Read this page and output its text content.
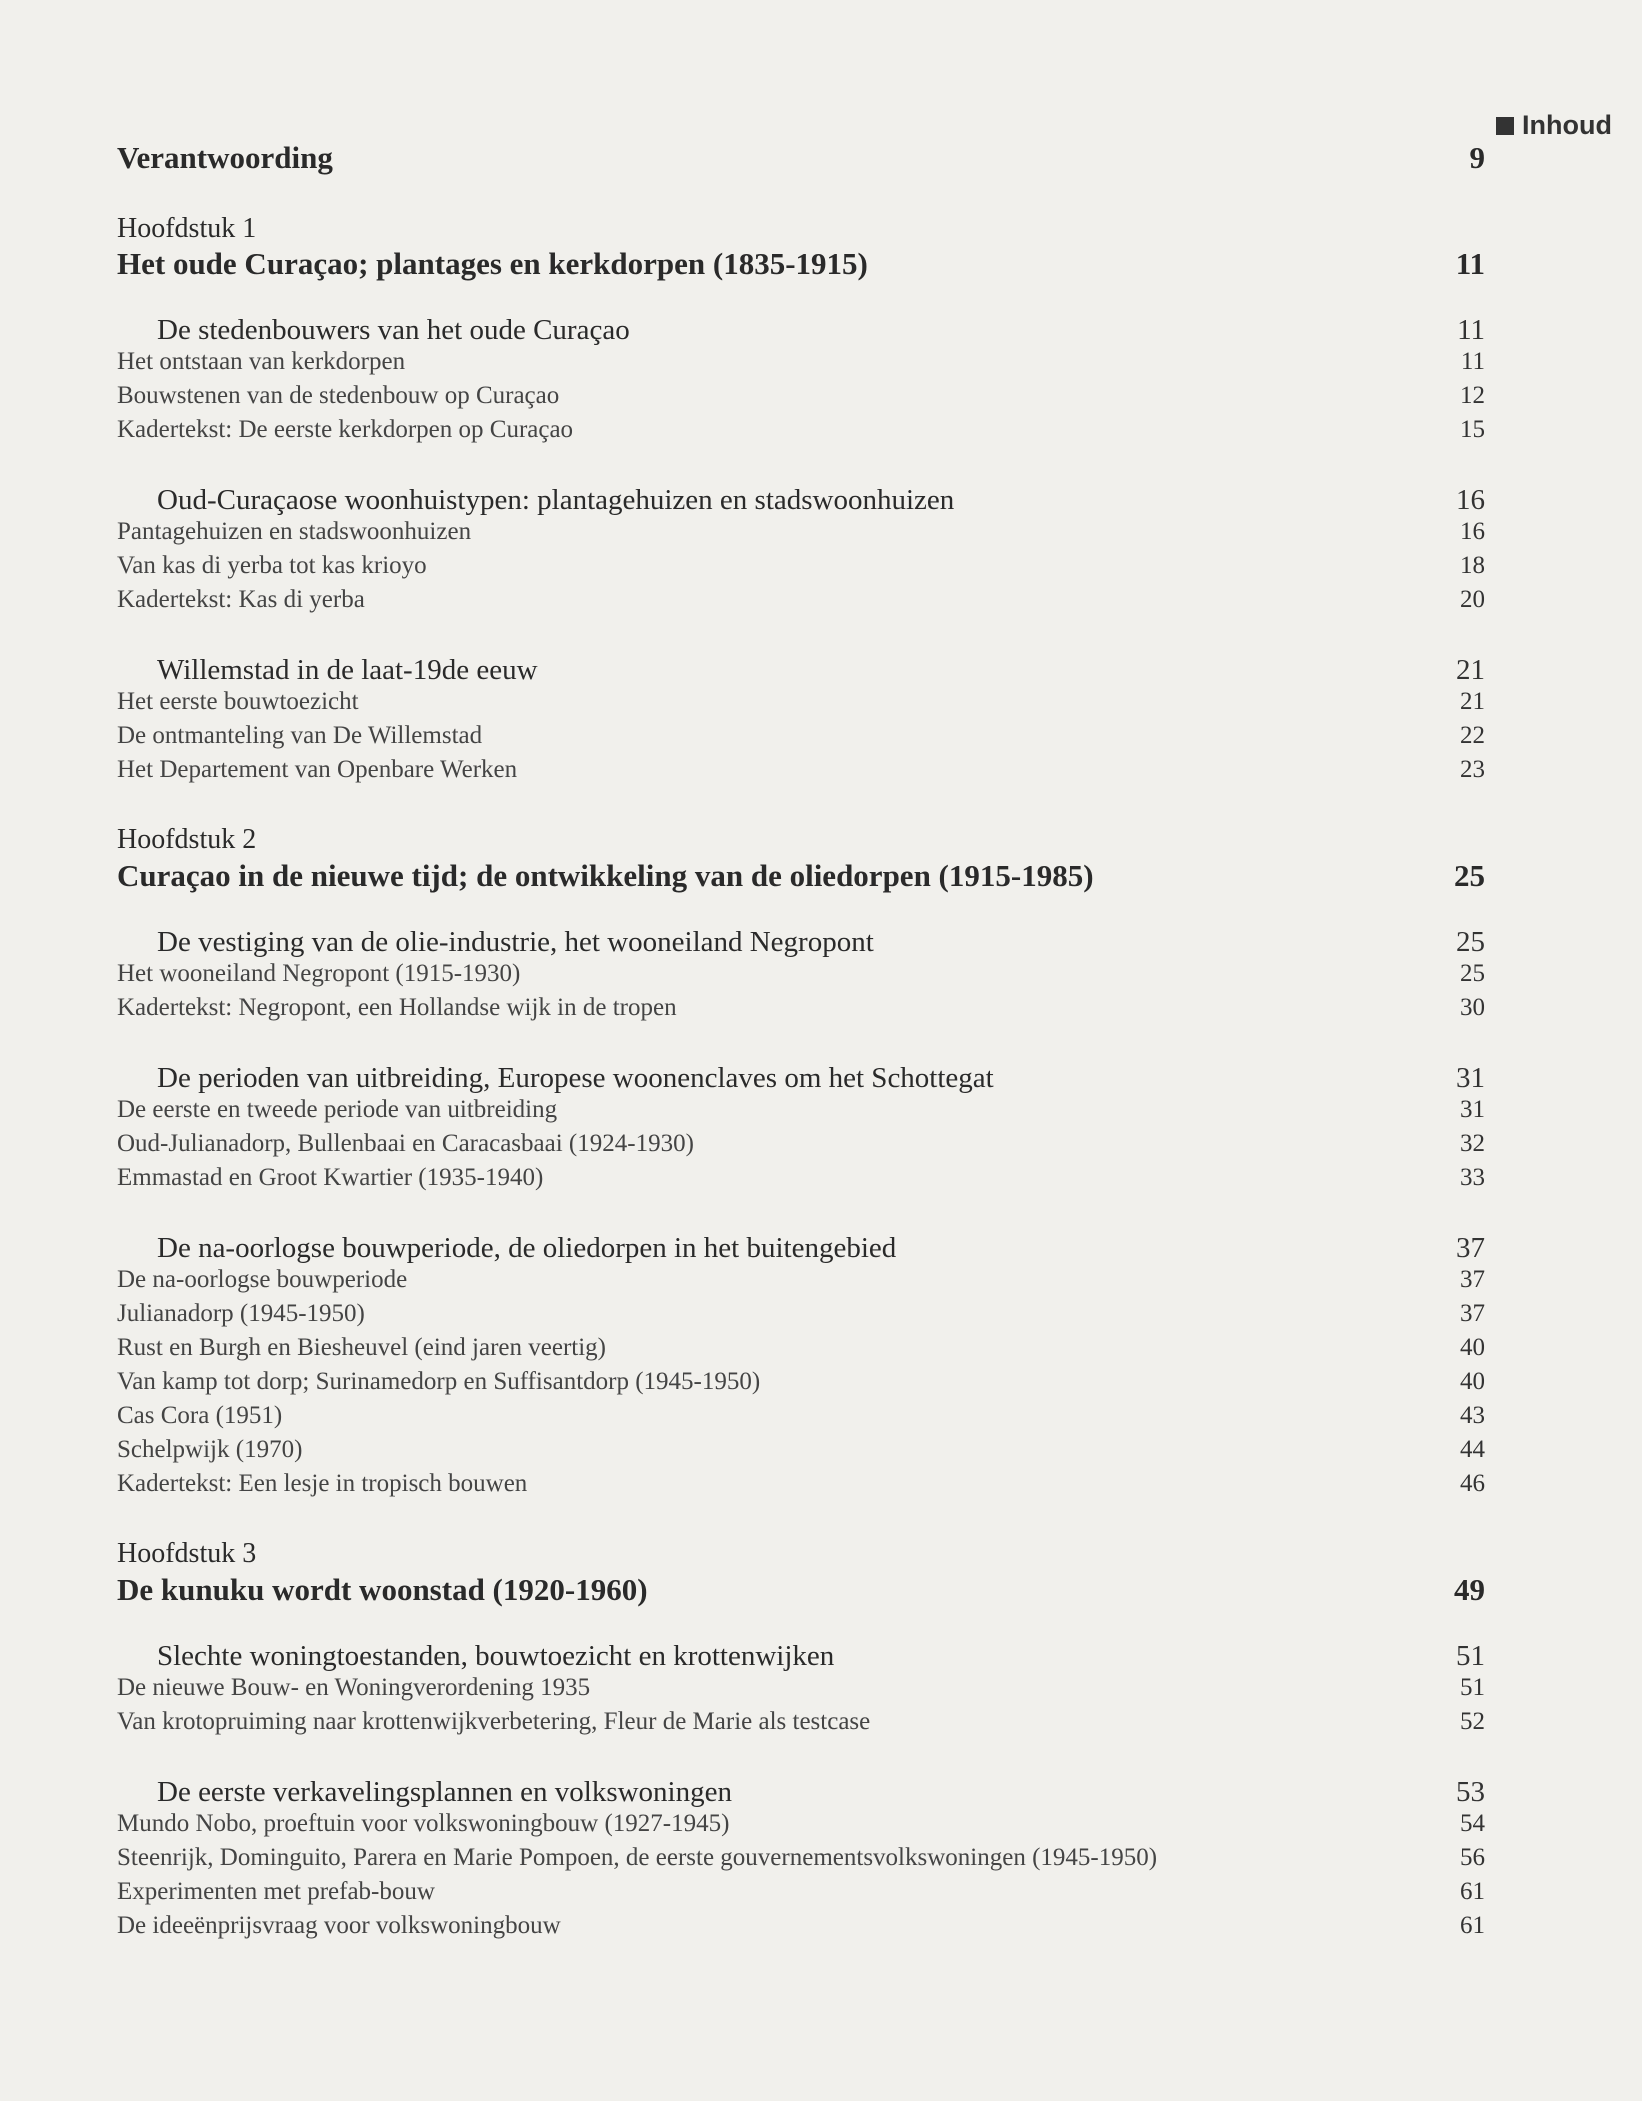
Inhoud
Verantwoording	9
Hoofdstuk 1
Het oude Curaçao; plantages en kerkdorpen (1835-1915)	11
De stedenbouwers van het oude Curaçao	11
Het ontstaan van kerkdorpen	11
Bouwstenen van de stedenbouw op Curaçao	12
Kadertekst: De eerste kerkdorpen op Curaçao	15
Oud-Curaçaose woonhuistypen: plantagehuizen en stadswoonhuizen	16
Pantagehuizen en stadswoonhuizen	16
Van kas di yerba tot kas krioyo	18
Kadertekst: Kas di yerba	20
Willemstad in de laat-19de eeuw	21
Het eerste bouwtoezicht	21
De ontmanteling van De Willemstad	22
Het Departement van Openbare Werken	23
Hoofdstuk 2
Curaçao in de nieuwe tijd; de ontwikkeling van de oliedorpen (1915-1985)	25
De vestiging van de olie-industrie, het wooneiland Negropont	25
Het wooneiland Negropont (1915-1930)	25
Kadertekst: Negropont, een Hollandse wijk in de tropen	30
De perioden van uitbreiding, Europese woonenclaves om het Schottegat	31
De eerste en tweede periode van uitbreiding	31
Oud-Julianadorp, Bullenbaai en Caracasbaai (1924-1930)	32
Emmastad en Groot Kwartier (1935-1940)	33
De na-oorlogse bouwperiode, de oliedorpen in het buitengebied	37
De na-oorlogse bouwperiode	37
Julianadorp (1945-1950)	37
Rust en Burgh en Biesheuvel (eind jaren veertig)	40
Van kamp tot dorp; Surinamedorp en Suffisantdorp (1945-1950)	40
Cas Cora (1951)	43
Schelpwijk (1970)	44
Kadertekst: Een lesje in tropisch bouwen	46
Hoofdstuk 3
De kunuku wordt woonstad (1920-1960)	49
Slechte woningtoestanden, bouwtoezicht en krottenwijken	51
De nieuwe Bouw- en Woningverordening 1935	51
Van krotopruiming naar krottenwijkverbetering, Fleur de Marie als testcase	52
De eerste verkavelingsplannen en volkswoningen	53
Mundo Nobo, proeftuin voor volkswoningbouw (1927-1945)	54
Steenrijk, Dominguito, Parera en Marie Pompoen, de eerste gouvernementsvolkswoningen (1945-1950)	56
Experimenten met prefab-bouw	61
De ideeënprijsvraag voor volkswoningbouw	61
